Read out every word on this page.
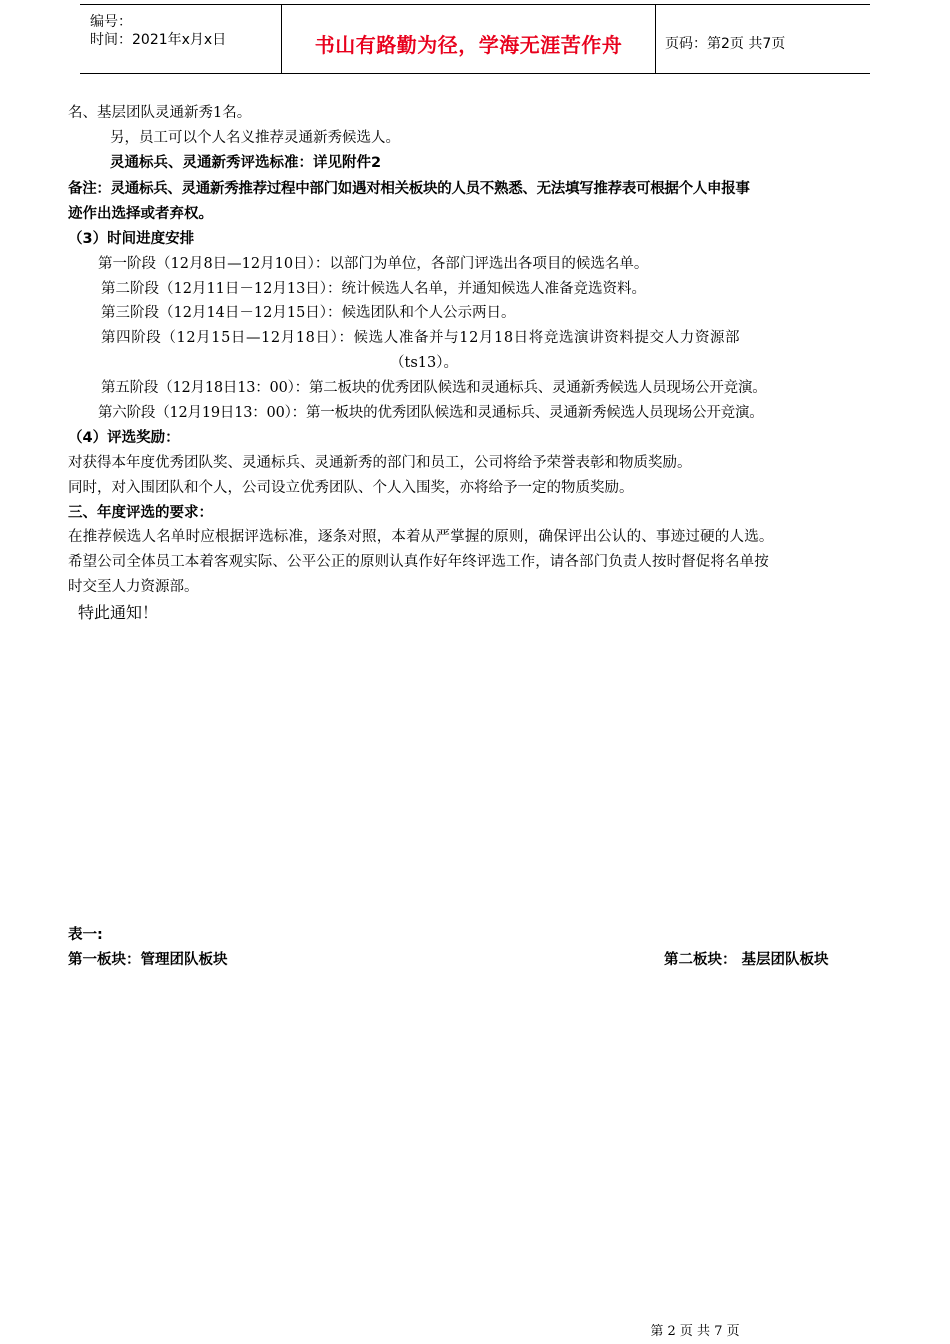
编号：
时间：2021年x月x日	书山有路勤为径，学海无涯苦作舟	页码：第2页 共7页
名、基层团队灵通新秀1名。
另，员工可以个人名义推荐灵通新秀候选人。
灵通标兵、灵通新秀评选标准：详见附件2
备注：灵通标兵、灵通新秀推荐过程中部门如遇对相关板块的人员不熟悉、无法填写推荐表可根据个人申报事
迹作出选择或者弃权。
（3）时间进度安排
第一阶段（12月8日—12月10日）：以部门为单位，各部门评选出各项目的候选名单。
第二阶段（12月11日－12月13日）：统计候选人名单，并通知候选人准备竞选资料。
第三阶段（12月14日－12月15日）：候选团队和个人公示两日。
第四阶段（12月15日—12月18日）：候选人准备并与12月18日将竞选演讲资料提交人力资源部
（ts13）。
第五阶段（12月18日13：00）：第二板块的优秀团队候选和灵通标兵、灵通新秀候选人员现场公开竞演。
第六阶段（12月19日13：00）：第一板块的优秀团队候选和灵通标兵、灵通新秀候选人员现场公开竞演。
（4）评选奖励：
对获得本年度优秀团队奖、灵通标兵、灵通新秀的部门和员工，公司将给予荣誉表彰和物质奖励。
同时，对入围团队和个人，公司设立优秀团队、个人入围奖，亦将给予一定的物质奖励。
三、年度评选的要求：
在推荐候选人名单时应根据评选标准，逐条对照，本着从严掌握的原则，确保评出公认的、事迹过硬的人选。
希望公司全体员工本着客观实际、公平公正的原则认真作好年终评选工作，请各部门负责人按时督促将名单按
时交至人力资源部。
特此通知！
表一:
第一板块：管理团队板块	第二板块： 基层团队板块
第 2 页 共 7 页
